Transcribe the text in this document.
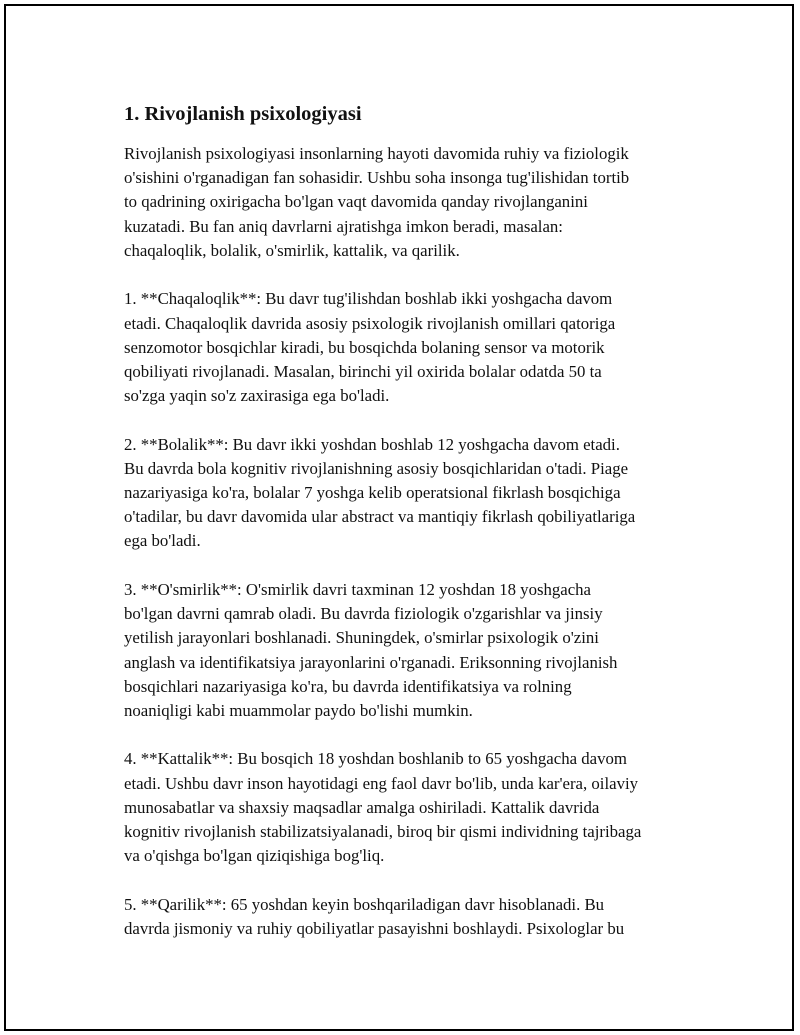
1. Rivojlanish psixologiyasi

Rivojlanish psixologiyasi insonlarning hayoti davomida ruhiy va fiziologik
o'sishini o'rganadigan fan sohasidir. Ushbu soha insonga tug'ilishidan tortib
to qadrining oxirigacha bo'lgan vaqt davomida qanday rivojlanganini
kuzatadi. Bu fan aniq davrlarni ajratishga imkon beradi, masalan:
chaqaloqlik, bolalik, o'smirlik, kattalik, va qarilik.

1. **Chaqaloqlik**: Bu davr tug'ilishdan boshlab ikki yoshgacha davom
etadi. Chaqaloqlik davrida asosiy psixologik rivojlanish omillari qatoriga
senzomotor bosqichlar kiradi, bu bosqichda bolaning sensor va motorik
qobiliyati rivojlanadi. Masalan, birinchi yil oxirida bolalar odatda 50 ta
so'zga yaqin so'z zaxirasiga ega bo'ladi.

2. **Bolalik**: Bu davr ikki yoshdan boshlab 12 yoshgacha davom etadi.
Bu davrda bola kognitiv rivojlanishning asosiy bosqichlaridan o'tadi. Piage
nazariyasiga ko'ra, bolalar 7 yoshga kelib operatsional fikrlash bosqichiga
o'tadilar, bu davr davomida ular abstract va mantiqiy fikrlash qobiliyatlariga
ega bo'ladi.

3. **O'smirlik**: O'smirlik davri taxminan 12 yoshdan 18 yoshgacha
bo'lgan davrni qamrab oladi. Bu davrda fiziologik o'zgarishlar va jinsiy
yetilish jarayonlari boshlanadi. Shuningdek, o'smirlar psixologik o'zini
anglash va identifikatsiya jarayonlarini o'rganadi. Eriksonning rivojlanish
bosqichlari nazariyasiga ko'ra, bu davrda identifikatsiya va rolning
noaniqligi kabi muammolar paydo bo'lishi mumkin.

4. **Kattalik**: Bu bosqich 18 yoshdan boshlanib to 65 yoshgacha davom
etadi. Ushbu davr inson hayotidagi eng faol davr bo'lib, unda kar'era, oilaviy
munosabatlar va shaxsiy maqsadlar amalga oshiriladi. Kattalik davrida
kognitiv rivojlanish stabilizatsiyalanadi, biroq bir qismi individning tajribaga
va o'qishga bo'lgan qiziqishiga bog'liq.

5. **Qarilik**: 65 yoshdan keyin boshqariladigan davr hisoblanadi. Bu
davrda jismoniy va ruhiy qobiliyatlar pasayishni boshlaydi. Psixologlar bu
